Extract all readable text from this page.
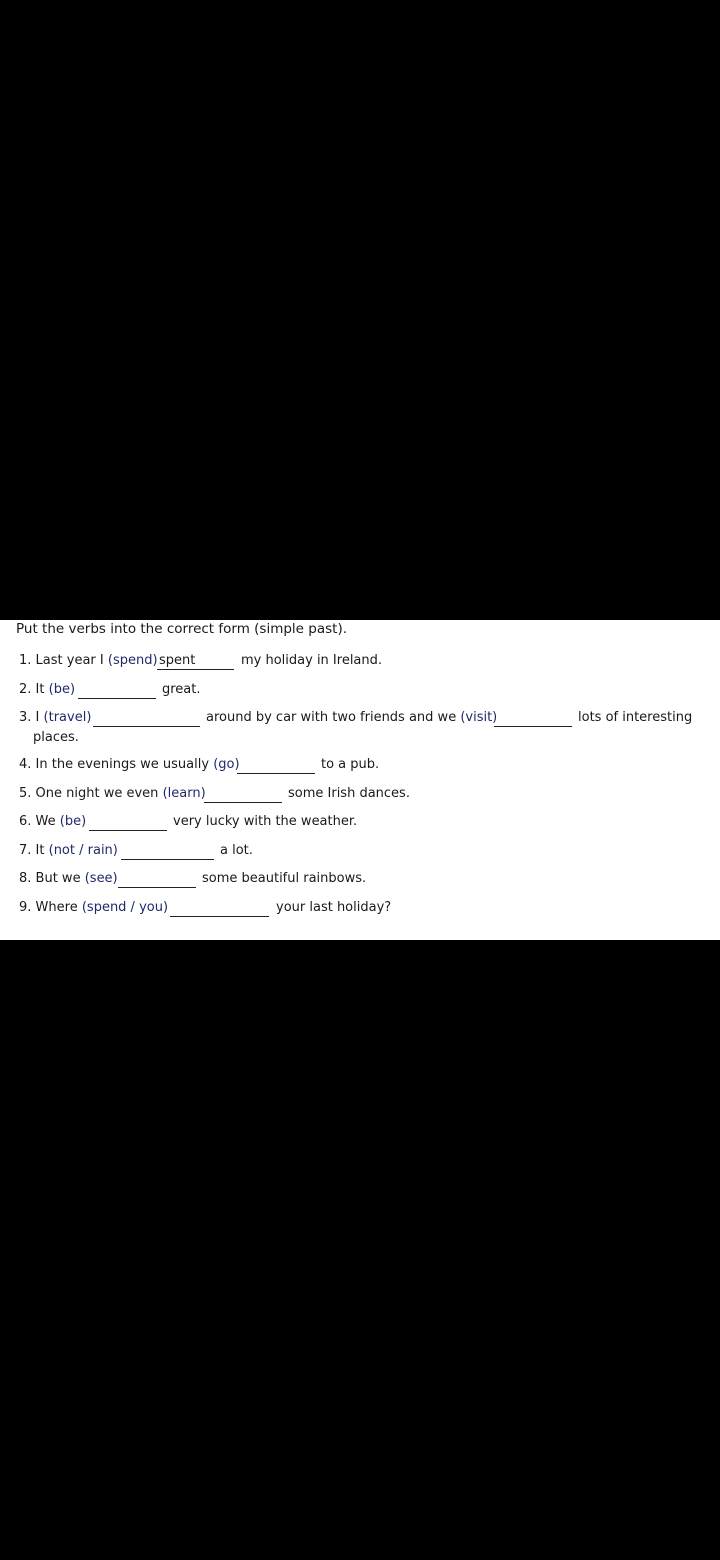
Put the verbs into the correct form (simple past).
1. Last year I (spend) spent	my holiday in Ireland.
2. It (be)	great.
3. I (travel)	around by car with two friends and we (visit)	lots of interesting
places.
4. In the evenings we usually (go)	to a pub.
5. One night we even (learn)	some Irish dances.
6. We (be)	very lucky with the weather.
7. It (not / rain)	a lot.
8. But we (see)	some beautiful rainbows.
9. Where (spend / you)	your last holiday?
